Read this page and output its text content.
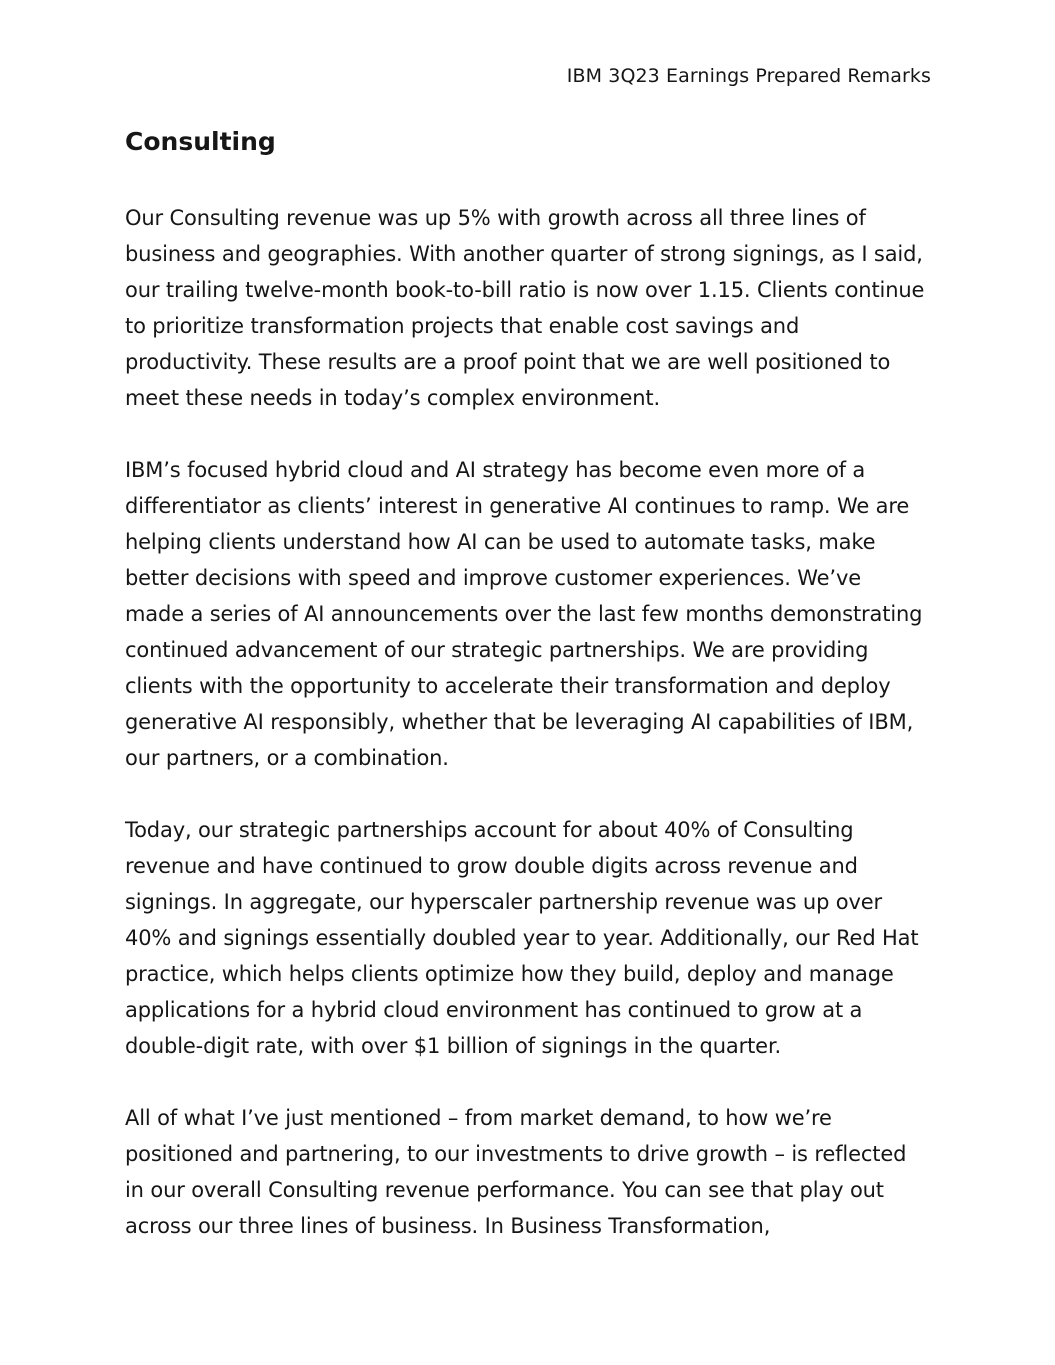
IBM 3Q23 Earnings Prepared Remarks
Consulting

Our Consulting revenue was up 5% with growth across all three lines of business and geographies. With another quarter of strong signings, as I said, our trailing twelve-month book-to-bill ratio is now over 1.15. Clients continue to prioritize transformation projects that enable cost savings and productivity. These results are a proof point that we are well positioned to meet these needs in today’s complex environment.

IBM’s focused hybrid cloud and AI strategy has become even more of a differentiator as clients’ interest in generative AI continues to ramp. We are helping clients understand how AI can be used to automate tasks, make better decisions with speed and improve customer experiences. We’ve made a series of AI announcements over the last few months demonstrating continued advancement of our strategic partnerships. We are providing clients with the opportunity to accelerate their transformation and deploy generative AI responsibly, whether that be leveraging AI capabilities of IBM, our partners, or a combination.

Today, our strategic partnerships account for about 40% of Consulting revenue and have continued to grow double digits across revenue and signings. In aggregate, our hyperscaler partnership revenue was up over 40% and signings essentially doubled year to year. Additionally, our Red Hat practice, which helps clients optimize how they build, deploy and manage applications for a hybrid cloud environment has continued to grow at a double-digit rate, with over $1 billion of signings in the quarter.

All of what I’ve just mentioned – from market demand, to how we’re positioned and partnering, to our investments to drive growth – is reflected in our overall Consulting revenue performance. You can see that play out across our three lines of business. In Business Transformation,
